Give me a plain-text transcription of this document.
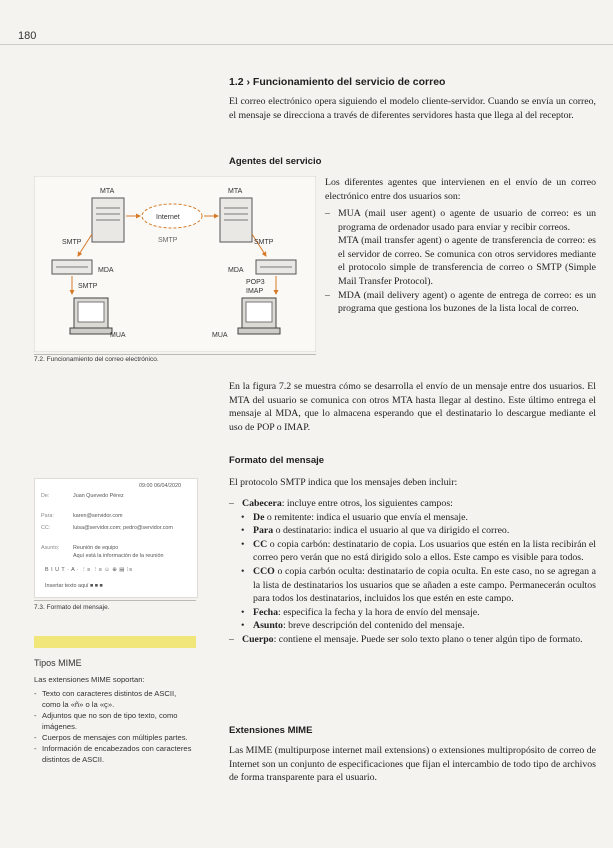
180
1.2 › Funcionamiento del servicio de correo

El correo electrónico opera siguiendo el modelo cliente-servidor. Cuando se envía un correo, el mensaje se direcciona a través de diferentes servidores hasta que llega al del receptor.

Agentes del servicio
MTA	MTA
Internet
SMTP
SMTP	SMTP
MDA	MDA
SMTP
POP3
IMAP
MUA	MUA
7.2. Funcionamiento del correo electrónico.

Los diferentes agentes que intervienen en el envío de un correo electrónico entre dos usuarios son:

– MUA (mail user agent) o agente de usuario de correo: es un programa de ordenador usado para enviar y recibir correos.
MTA (mail transfer agent) o agente de transferencia de correo: es el servidor de correo. Se comunica con otros servidores mediante el protocolo simple de transferencia de correo o SMTP (Simple Mail Transfer Protocol).
– MDA (mail delivery agent) o agente de entrega de correo: es un programa que gestiona los buzones de la lista local de correo.

En la figura 7.2 se muestra cómo se desarrolla el envío de un mensaje entre dos usuarios. El MTA del usuario se comunica con otros MTA hasta llegar al destino. Este último entrega el mensaje al MDA, que lo almacena esperando que el destinatario lo descargue mediante el uso de POP o IMAP.

Formato del mensaje

El protocolo SMTP indica que los mensajes deben incluir:

– Cabecera: incluye entre otros, los siguientes campos:
• De o remitente: indica el usuario que envía el mensaje.
• Para o destinatario: indica el usuario al que va dirigido el correo.
• CC o copia carbón: destinatario de copia. Los usuarios que estén en la lista recibirán el correo pero verán que no está dirigido solo a ellos. Este campo es visible para todos.
• CCO o copia carbón oculta: destinatario de copia oculta. En este caso, no se agregan a la lista de destinatarios los usuarios que se añaden a este campo. Permanecerán ocultos para todos los destinatarios, incluidos los que estén en este campo.
• Fecha: especifica la fecha y la hora de envío del mensaje.
• Asunto: breve descripción del contenido del mensaje.
– Cuerpo: contiene el mensaje. Puede ser solo texto plano o tener algún tipo de formato.
Extensiones MIME

Las MIME (multipurpose internet mail extensions) o extensiones multipropósito de correo de Internet son un conjunto de especificaciones que fijan el intercambio de todo tipo de archivos de forma transparente para el usuario.

09:00 06/04/2020
De:	Juan Quevedo Pérez
Para:	karen@servidor.com
CC:	luisa@servidor.com; pedro@servidor.com
Asunto:	Reunión de equipo
Aquí está la información de la reunión
B I U T · A · ⋮≡ ⋮≡ ☺ ⊕ ▤ ⁝≡
Insertar texto aquí ■ ■ ■
7.3. Formato del mensaje.
Tipos MIME
Las extensiones MIME soportan:
- Texto con caracteres distintos de ASCII, como la «ñ» o la «ç».
- Adjuntos que no son de tipo texto, como imágenes.
- Cuerpos de mensajes con múltiples partes.
- Información de encabezados con caracteres distintos de ASCII.
